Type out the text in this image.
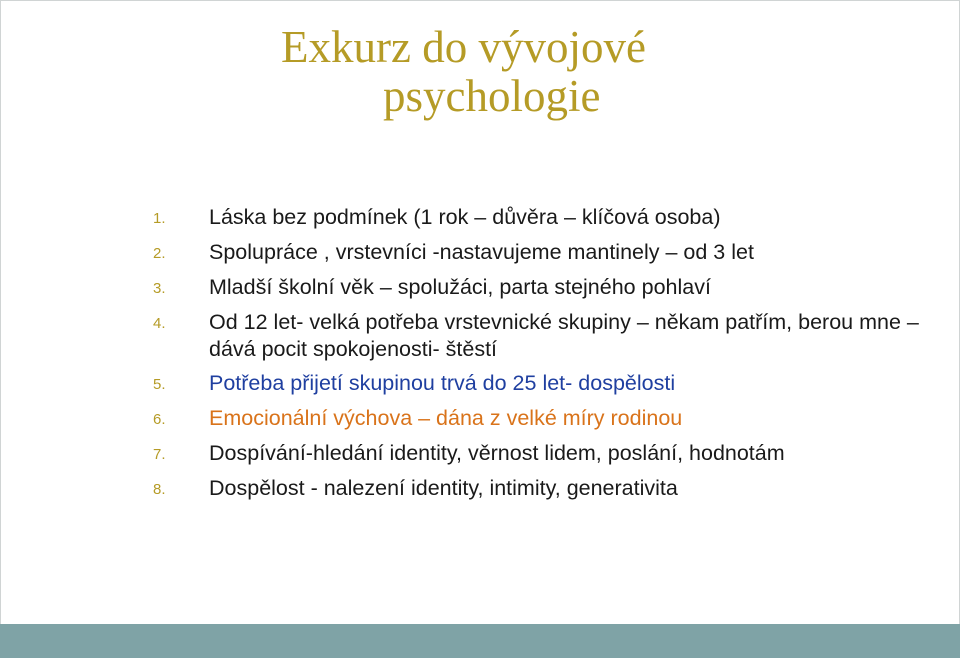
Exkurz do vývojové
psychologie
1. Láska bez podmínek (1 rok – důvěra – klíčová osoba)
2. Spolupráce , vrstevníci -nastavujeme mantinely – od 3 let
3. Mladší školní věk – spolužáci, parta stejného pohlaví
4. Od 12 let- velká potřeba vrstevnické skupiny – někam patřím, berou mne – dává pocit spokojenosti- štěstí
5. Potřeba přijetí skupinou trvá do 25 let- dospělosti
6. Emocionální výchova – dána z velké míry rodinou
7. Dospívání-hledání identity, věrnost lidem, poslání, hodnotám
8. Dospělost - nalezení identity, intimity, generativita
